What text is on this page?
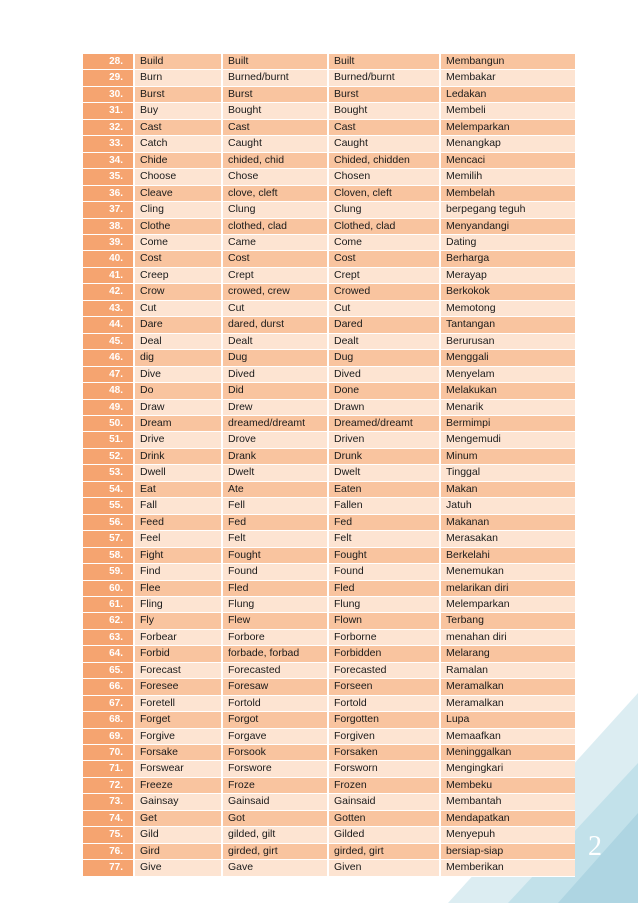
28.	Build	Built	Built	Membangun
29.	Burn	Burned/burnt	Burned/burnt	Membakar
30.	Burst	Burst	Burst	Ledakan
31.	Buy	Bought	Bought	Membeli
32.	Cast	Cast	Cast	Melemparkan
33.	Catch	Caught	Caught	Menangkap
34.	Chide	chided, chid	Chided, chidden	Mencaci
35.	Choose	Chose	Chosen	Memilih
36.	Cleave	clove, cleft	Cloven, cleft	Membelah
37.	Cling	Clung	Clung	berpegang teguh
38.	Clothe	clothed, clad	Clothed, clad	Menyandangi
39.	Come	Came	Come	Dating
40.	Cost	Cost	Cost	Berharga
41.	Creep	Crept	Crept	Merayap
42.	Crow	crowed, crew	Crowed	Berkokok
43.	Cut	Cut	Cut	Memotong
44.	Dare	dared, durst	Dared	Tantangan
45.	Deal	Dealt	Dealt	Berurusan
46.	dig	Dug	Dug	Menggali
47.	Dive	Dived	Dived	Menyelam
48.	Do	Did	Done	Melakukan
49.	Draw	Drew	Drawn	Menarik
50.	Dream	dreamed/dreamt	Dreamed/dreamt	Bermimpi
51.	Drive	Drove	Driven	Mengemudi
52.	Drink	Drank	Drunk	Minum
53.	Dwell	Dwelt	Dwelt	Tinggal
54.	Eat	Ate	Eaten	Makan
55.	Fall	Fell	Fallen	Jatuh
56.	Feed	Fed	Fed	Makanan
57.	Feel	Felt	Felt	Merasakan
58.	Fight	Fought	Fought	Berkelahi
59.	Find	Found	Found	Menemukan
60.	Flee	Fled	Fled	melarikan diri
61.	Fling	Flung	Flung	Melemparkan
62.	Fly	Flew	Flown	Terbang
63.	Forbear	Forbore	Forborne	menahan diri
64.	Forbid	forbade, forbad	Forbidden	Melarang
65.	Forecast	Forecasted	Forecasted	Ramalan
66.	Foresee	Foresaw	Forseen	Meramalkan
67.	Foretell	Fortold	Fortold	Meramalkan
68.	Forget	Forgot	Forgotten	Lupa
69.	Forgive	Forgave	Forgiven	Memaafkan
70.	Forsake	Forsook	Forsaken	Meninggalkan
71.	Forswear	Forswore	Forsworn	Mengingkari
72.	Freeze	Froze	Frozen	Membeku
73.	Gainsay	Gainsaid	Gainsaid	Membantah
74.	Get	Got	Gotten	Mendapatkan
75.	Gild	gilded, gilt	Gilded	Menyepuh
76.	Gird	girded, girt	girded, girt	bersiap-siap
77.	Give	Gave	Given	Memberikan
2
